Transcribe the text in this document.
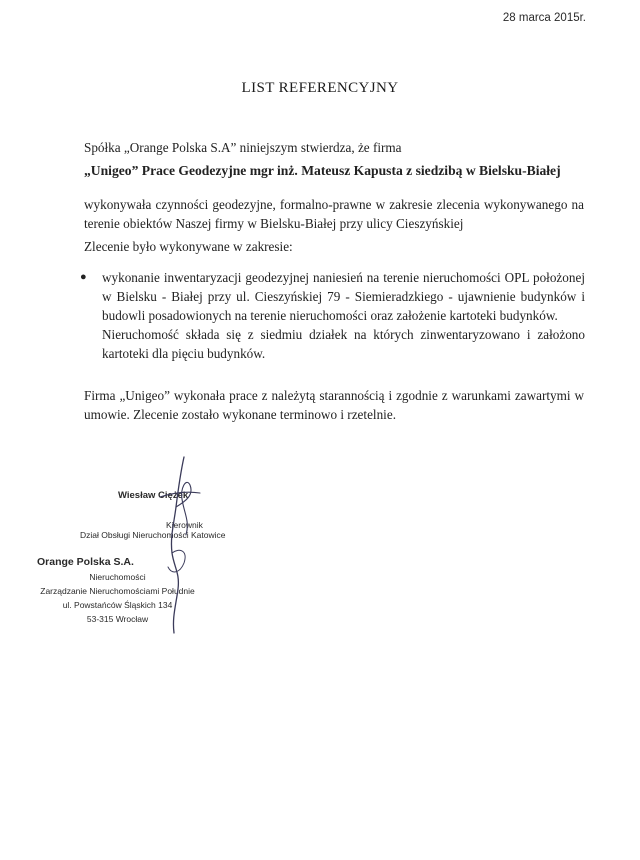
28 marca 2015r.
LIST REFERENCYJNY
Spółka „Orange Polska S.A” niniejszym stwierdza, że firma
„Unigeo” Prace Geodezyjne mgr inż. Mateusz Kapusta z siedzibą w Bielsku-Białej
wykonywała czynności geodezyjne, formalno-prawne w zakresie zlecenia wykonywanego na terenie obiektów Naszej firmy w Bielsku-Białej przy ulicy Cieszyńskiej
Zlecenie było wykonywane w zakresie:
● wykonanie inwentaryzacji geodezyjnej naniesień na terenie nieruchomości OPL położonej w Bielsku - Białej przy ul. Cieszyńskiej 79 - Siemieradzkiego - ujawnienie budynków i budowli posadowionych na terenie nieruchomości oraz założenie kartoteki budynków.
Nieruchomość składa się z siedmiu działek na których zinwentaryzowano i założono kartoteki dla pięciu budynków.
Firma „Unigeo” wykonała prace z należytą starannością i zgodnie z warunkami zawartymi w umowie. Zlecenie zostało wykonane terminowo i rzetelnie.
Wiesław Ciężek
Kierownik
Dział Obsługi Nieruchomości Katowice
Orange Polska S.A.
Nieruchomości
Zarządzanie Nieruchomościami Południe
ul. Powstańców Śląskich 134
53-315 Wrocław
